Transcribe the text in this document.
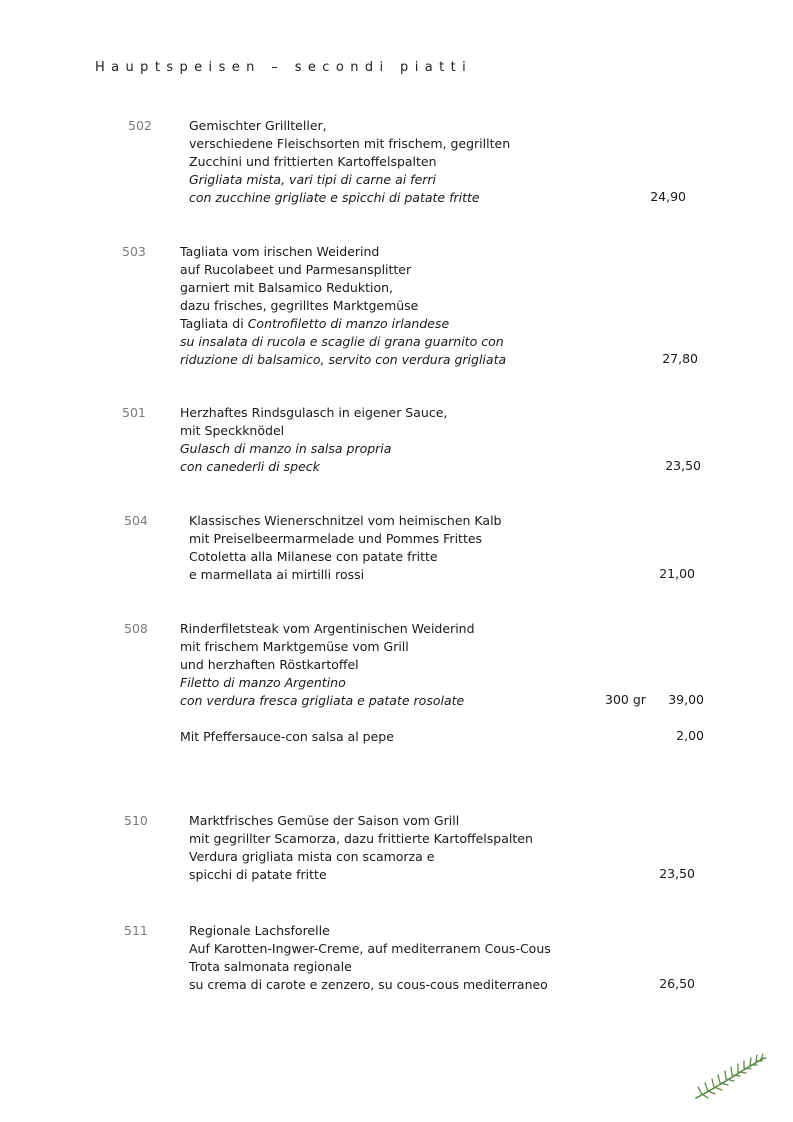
Hauptspeisen – secondi piatti
502	Gemischter Grillteller,
verschiedene Fleischsorten mit frischem, gegrillten
Zucchini und frittierten Kartoffelspalten
Grigliata mista, vari tipi di carne ai ferri
con zucchine grigliate e spicchi di patate fritte	24,90
503	Tagliata vom irischen Weiderind
auf Rucolabeet und Parmesansplitter
garniert mit Balsamico Reduktion,
dazu frisches, gegrilltes Marktgemüse
Tagliata di Controfiletto di manzo irlandese
su insalata di rucola e scaglie di grana guarnito con
riduzione di balsamico, servito con verdura grigliata	27,80
501	Herzhaftes Rindsgulasch in eigener Sauce,
mit Speckknödel
Gulasch di manzo in salsa propria
con canederli di speck	23,50
504	Klassisches Wienerschnitzel vom heimischen Kalb
mit Preiselbeermarmelade und Pommes Frittes
Cotoletta alla Milanese con patate fritte
e marmellata ai mirtilli rossi	21,00
508	Rinderfiletsteak vom Argentinischen Weiderind
mit frischem Marktgemüse vom Grill
und herzhaften Röstkartoffel
Filetto di manzo Argentino
con verdura fresca grigliata e patate rosolate	300 gr	39,00
Mit Pfeffersauce-con salsa al pepe	2,00
510	Marktfrisches Gemüse der Saison vom Grill
mit gegrillter Scamorza, dazu frittierte Kartoffelspalten
Verdura grigliata mista con scamorza e
spicchi di patate fritte	23,50
511	Regionale Lachsforelle
Auf Karotten-Ingwer-Creme, auf mediterranem Cous-Cous
Trota salmonata regionale
su crema di carote e zenzero, su cous-cous mediterraneo	26,50
